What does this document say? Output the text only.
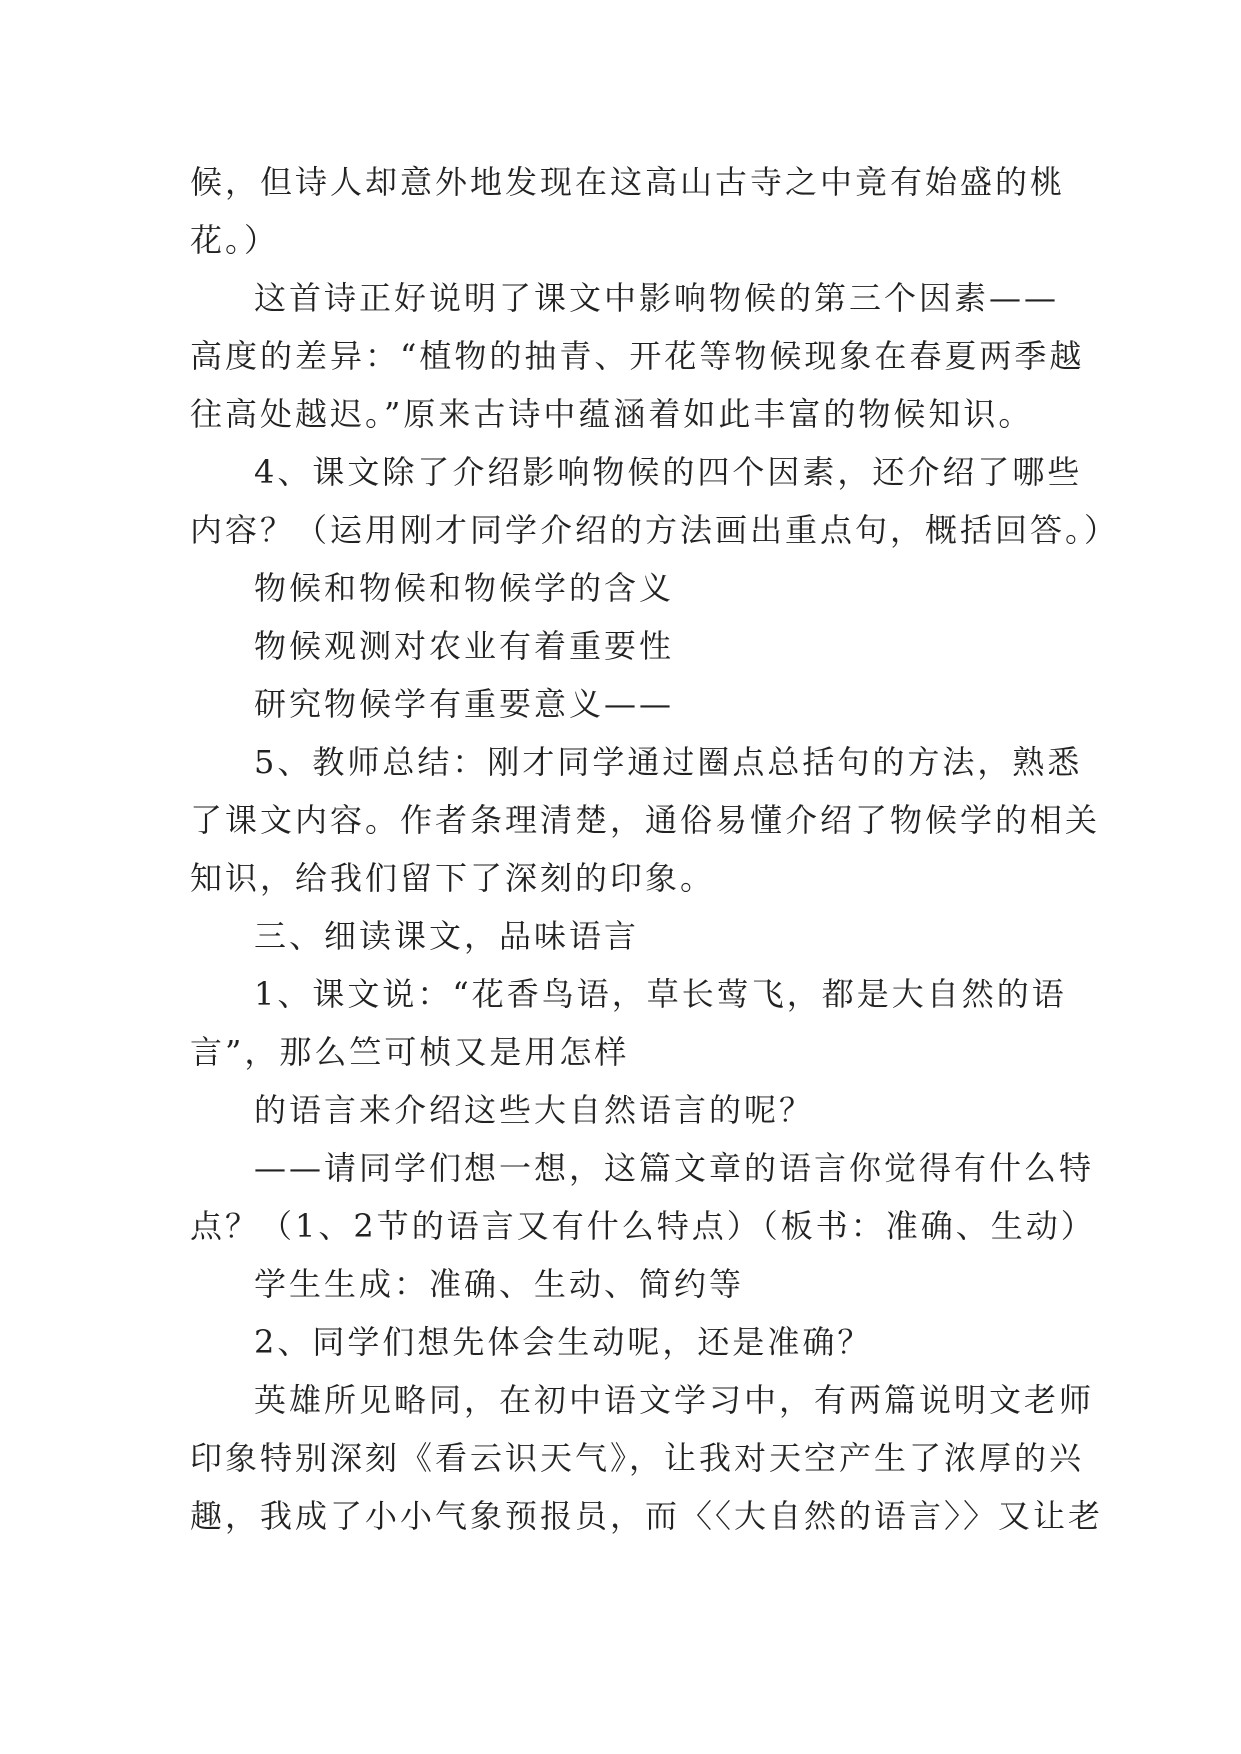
候，但诗人却意外地发现在这高山古寺之中竟有始盛的桃

花。）

这首诗正好说明了课文中影响物候的第三个因素——

高度的差异：“植物的抽青、开花等物候现象在春夏两季越

往高处越迟。”原来古诗中蕴涵着如此丰富的物候知识。

4、课文除了介绍影响物候的四个因素，还介绍了哪些

内容？（运用刚才同学介绍的方法画出重点句，概括回答。）

物候和物候和物候学的含义

物候观测对农业有着重要性

研究物候学有重要意义——

5、教师总结：刚才同学通过圈点总括句的方法，熟悉

了课文内容。作者条理清楚，通俗易懂介绍了物候学的相关

知识，给我们留下了深刻的印象。

三、细读课文，品味语言

1、课文说：“花香鸟语，草长莺飞，都是大自然的语

言”，那么竺可桢又是用怎样

的语言来介绍这些大自然语言的呢？

——请同学们想一想，这篇文章的语言你觉得有什么特

点？（1、2节的语言又有什么特点）（板书：准确、生动）

学生生成：准确、生动、简约等

2、同学们想先体会生动呢，还是准确？

英雄所见略同，在初中语文学习中，有两篇说明文老师

印象特别深刻《看云识天气》，让我对天空产生了浓厚的兴

趣，我成了小小气象预报员，而〈〈大自然的语言〉〉又让老
